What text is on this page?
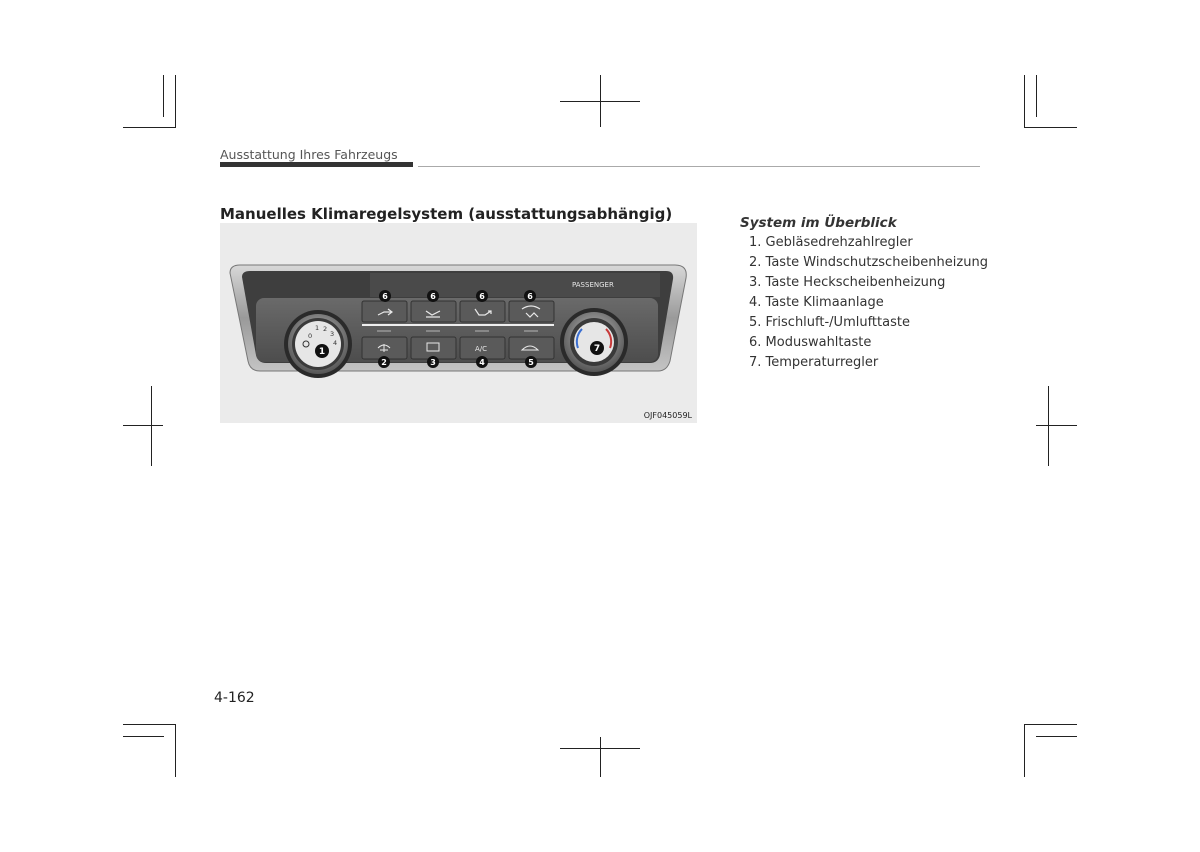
Ausstattung Ihres Fahrzeugs
Manuelles Klimaregelsystem (ausstattungsabhängig)
PASSENGER
0
1 2
3
4
A/C
1
2	3	4	5
6	6	6	6
7
OJF045059L
System im Überblick
1. Gebläsedrehzahlregler
2. Taste Windschutzscheibenheizung
3. Taste Heckscheibenheizung
4. Taste Klimaanlage
5. Frischluft-/Umlufttaste
6. Moduswahltaste
7. Temperaturregler
4-162
